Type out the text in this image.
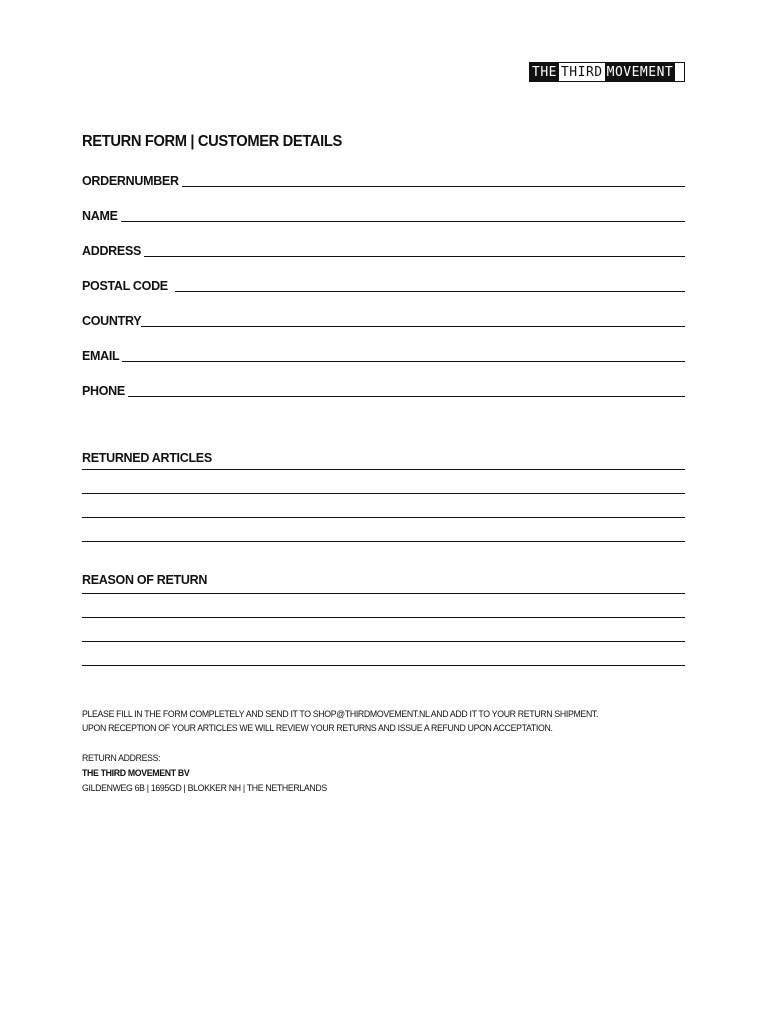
THE THIRD MOVEMENT
RETURN FORM | CUSTOMER DETAILS
ORDERNUMBER
NAME
ADDRESS
POSTAL CODE
COUNTRY
EMAIL
PHONE
RETURNED ARTICLES
REASON OF RETURN

PLEASE FILL IN THE FORM COMPLETELY AND SEND IT TO SHOP@THIRDMOVEMENT.NL AND ADD IT TO YOUR RETURN SHIPMENT.

UPON RECEPTION OF YOUR ARTICLES WE WILL REVIEW YOUR RETURNS AND ISSUE A REFUND UPON ACCEPTATION.

RETURN ADDRESS:

THE THIRD MOVEMENT BV

GILDENWEG 6B | 1695GD | BLOKKER NH | THE NETHERLANDS
